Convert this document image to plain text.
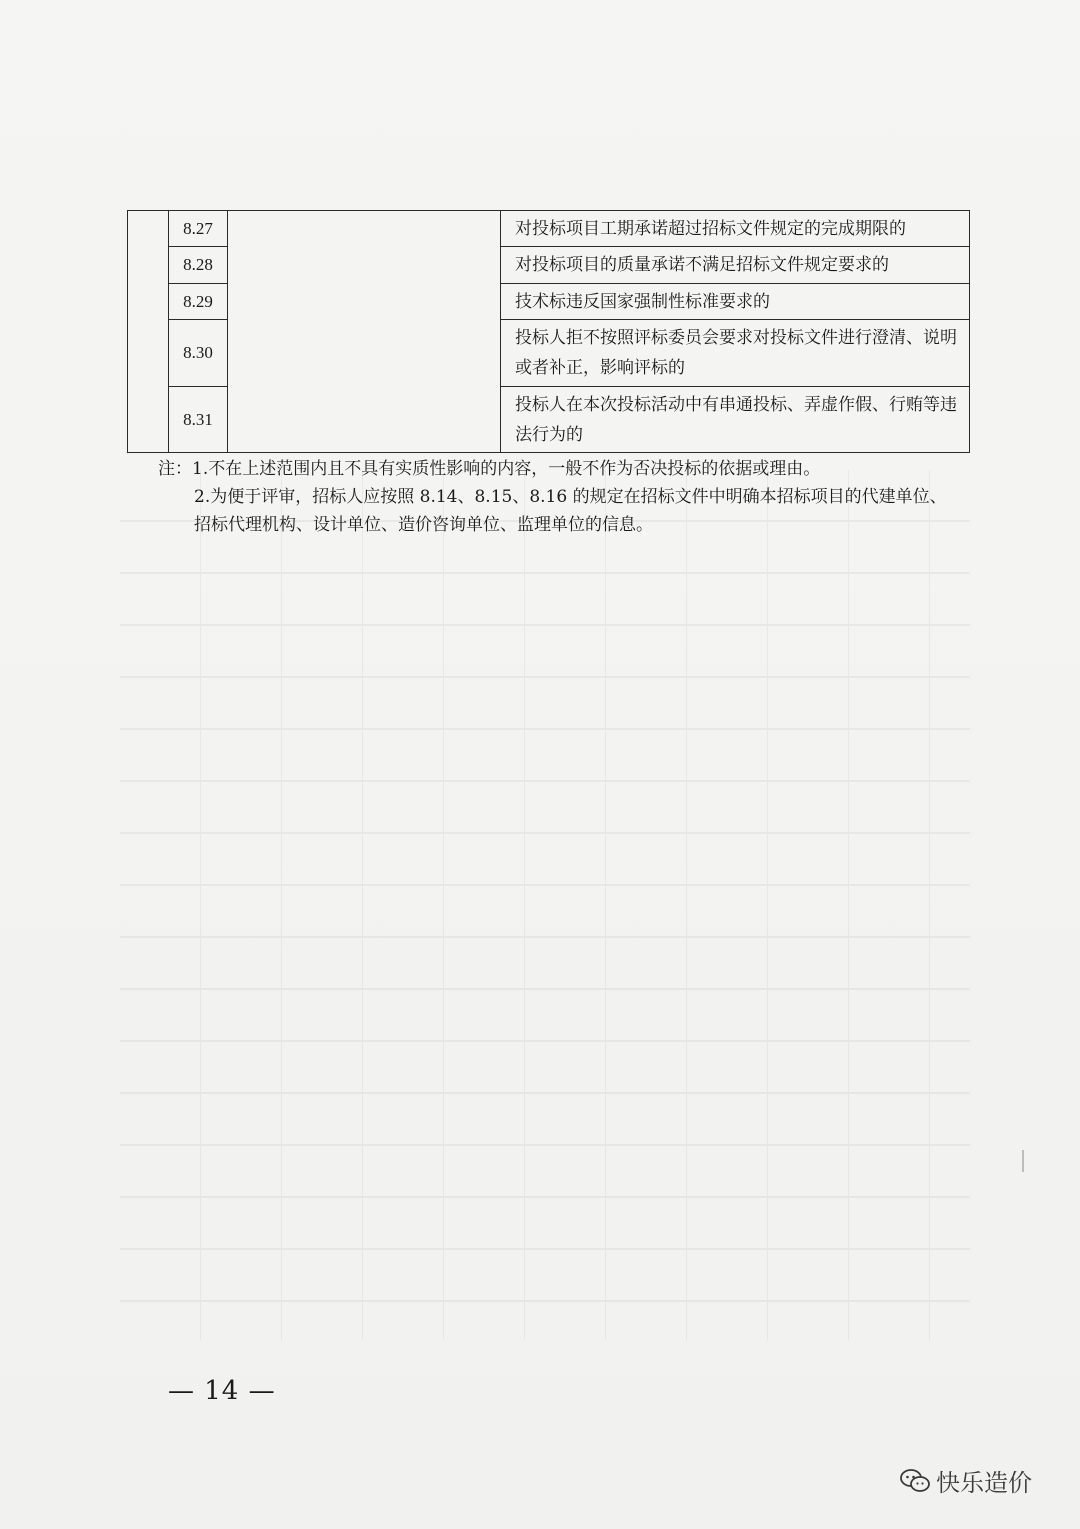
	8.27		对投标项目工期承诺超过招标文件规定的完成期限的
	8.28		对投标项目的质量承诺不满足招标文件规定要求的
	8.29		技术标违反国家强制性标准要求的
	8.30		投标人拒不按照评标委员会要求对投标文件进行澄清、说明或者补正，影响评标的
	8.31		投标人在本次投标活动中有串通投标、弄虚作假、行贿等违法行为的
注：1.不在上述范围内且不具有实质性影响的内容，一般不作为否决投标的依据或理由。
2.为便于评审，招标人应按照 8.14、8.15、8.16 的规定在招标文件中明确本招标项目的代建单位、
招标代理机构、设计单位、造价咨询单位、监理单位的信息。
— 14 —
快乐造价
